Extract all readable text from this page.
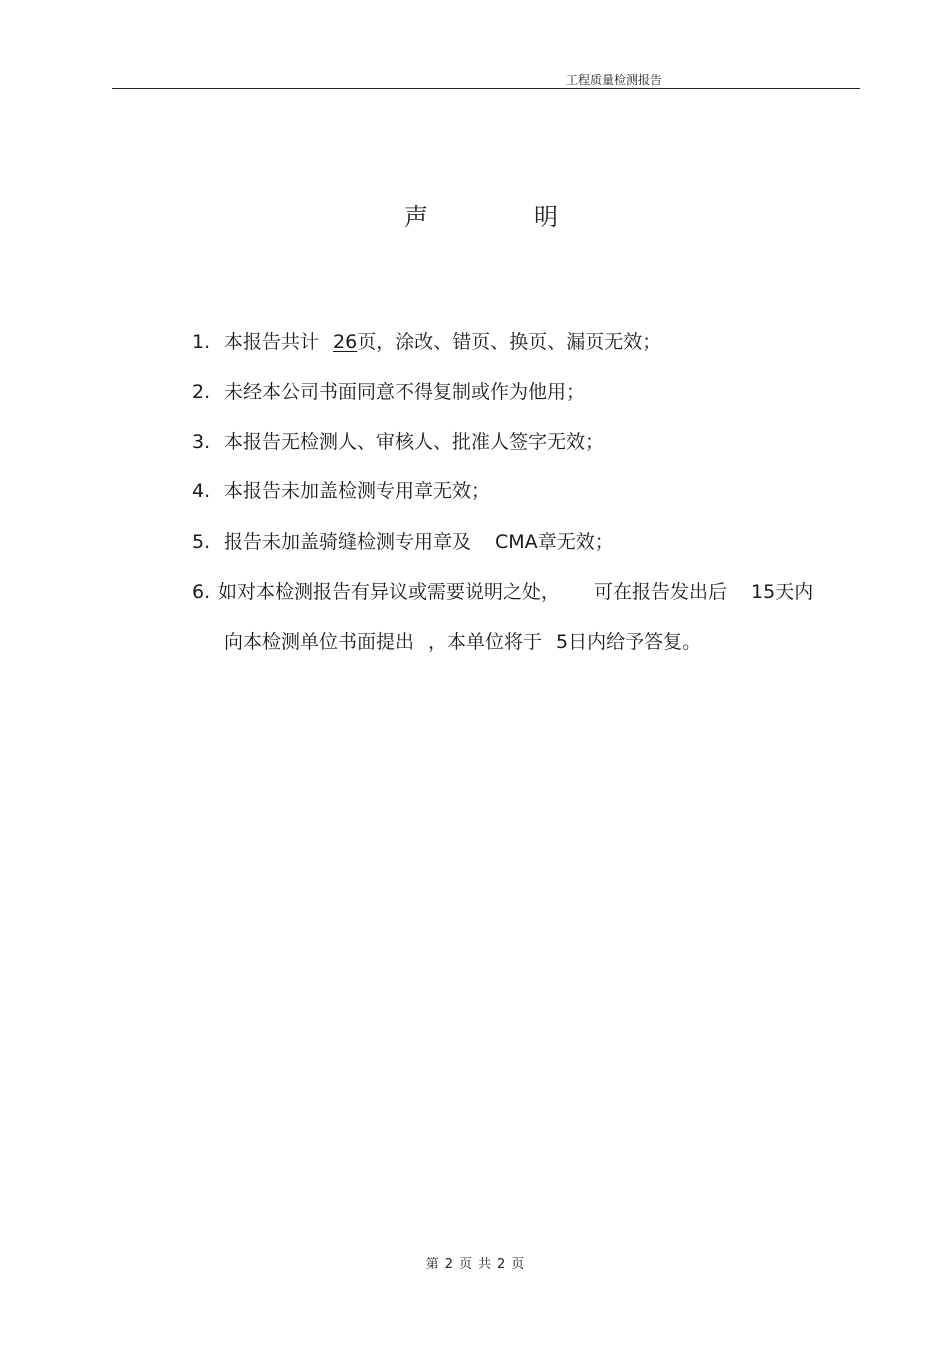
工程质量检测报告
声	明
1. 本报告共计 26页，涂改、错页、换页、漏页无效；
2. 未经本公司书面同意不得复制或作为他用；
3. 本报告无检测人、审核人、批准人签字无效；
4. 本报告未加盖检测专用章无效；
5. 报告未加盖骑缝检测专用章及 CMA章无效；
6. 如对本检测报告有异议或需要说明之处， 可在报告发出后 15天内
向本检测单位书面提出 ，本单位将于 5日内给予答复。
第 2 页 共 2 页
